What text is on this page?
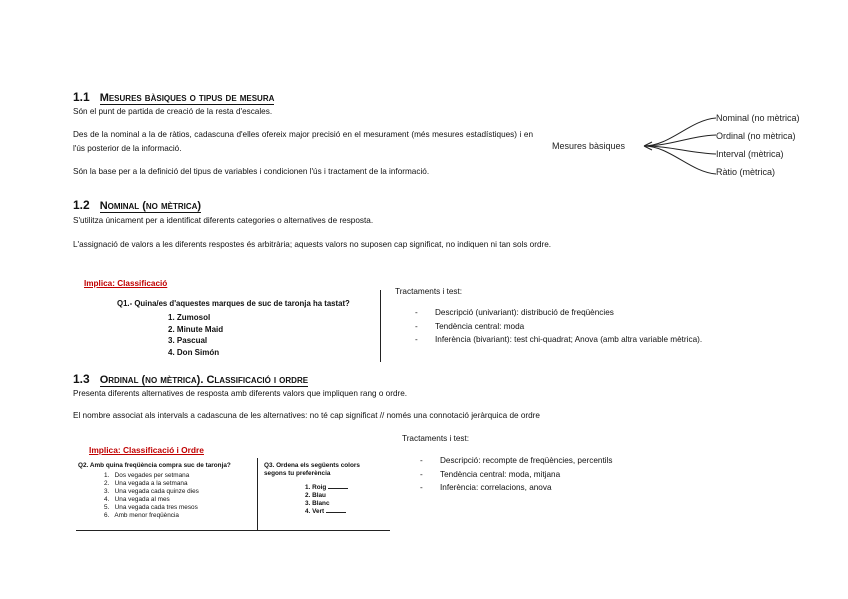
1.1 Mesures bàsiques o tipus de mesura
Són el punt de partida de creació de la resta d'escales.
Des de la nominal a la de ràtios, cadascuna d'elles ofereix major precisió en el mesurament (més mesures estadístiques) i en l'ús posterior de la informació.
Són la base per a la definició del tipus de variables i condicionen l'ús i tractament de la informació.
Mesures bàsiques
Nominal (no mètrica)
Ordinal (no mètrica)
Interval (mètrica)
Ràtio (mètrica)
1.2 Nominal (no mètrica)
S'utilitza únicament per a identificat diferents categories o alternatives de resposta.
L'assignació de valors a les diferents respostes és arbitrària; aquests valors no suposen cap significat, no indiquen ni tan sols ordre.
Implica: Classificació
Q1.- Quina/es d'aquestes marques de suc de taronja ha tastat?
1. Zumosol
2. Minute Maid
3. Pascual
4. Don Simón
Tractaments i test:
- Descripció (univariant): distribució de freqüències
- Tendència central: moda
- Inferència (bivariant): test chi-quadrat; Anova (amb altra variable mètrica).
1.3 Ordinal (no mètrica). Classificació i ordre
Presenta diferents alternatives de resposta amb diferents valors que impliquen rang o ordre.
El nombre associat als intervals a cadascuna de les alternatives: no té cap significat // només una connotació jeràrquica de ordre
Tractaments i test:
Implica: Classificació i Ordre
Q2. Amb quina freqüència compra suc de taronja?
1.   Dos vegades per setmana
2.   Una vegada a la setmana
3.   Una vegada cada quinze dies
4.   Una vegada al mes
5.   Una vegada cada tres mesos
6.   Amb menor freqüència
Q3. Ordena els següents colors segons tu preferència
1. Roig
2. Blau
3. Blanc
4. Vert
- Descripció: recompte de freqüències, percentils
- Tendència central: moda, mitjana
- Inferència: correlacions, anova
